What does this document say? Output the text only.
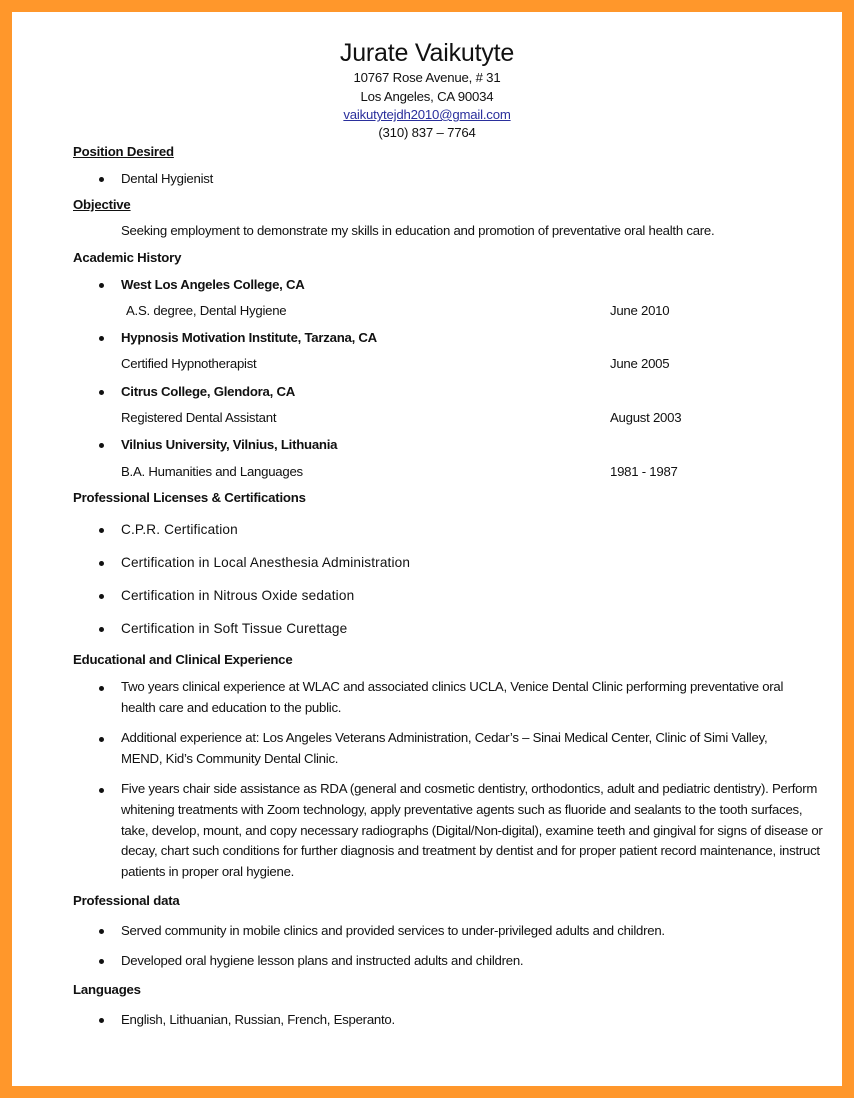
Jurate Vaikutyte
10767 Rose Avenue, # 31
Los Angeles, CA 90034
vaikutytejdh2010@gmail.com
(310) 837 – 7764
Position Desired
Dental Hygienist
Objective
Seeking employment to demonstrate my skills in education and promotion of preventative oral health care.
Academic History
West Los Angeles College, CA
A.S. degree, Dental Hygiene	June 2010
Hypnosis Motivation Institute, Tarzana, CA
Certified Hypnotherapist	June 2005
Citrus College, Glendora, CA
Registered Dental Assistant	August 2003
Vilnius University, Vilnius, Lithuania
B.A. Humanities and Languages	1981 - 1987
Professional Licenses & Certifications
C.P.R. Certification
Certification in Local Anesthesia Administration
Certification in Nitrous Oxide sedation
Certification in Soft Tissue Curettage
Educational and Clinical Experience
Two years clinical experience at WLAC and associated clinics UCLA, Venice Dental Clinic performing preventative oral health care and education to the public.
Additional experience at: Los Angeles Veterans Administration, Cedar’s – Sinai Medical Center, Clinic of Simi Valley, MEND, Kid’s Community Dental Clinic.
Five years chair side assistance as RDA (general and cosmetic dentistry, orthodontics, adult and pediatric dentistry). Perform whitening treatments with Zoom technology, apply preventative agents such as fluoride and sealants to the tooth surfaces, take, develop, mount, and copy necessary radiographs (Digital/Non-digital), examine teeth and gingival for signs of disease or decay, chart such conditions for further diagnosis and treatment by dentist and for proper patient record maintenance, instruct patients in proper oral hygiene.
Professional data
Served community in mobile clinics and provided services to under-privileged adults and children.
Developed oral hygiene lesson plans and instructed adults and children.
Languages
English, Lithuanian, Russian, French, Esperanto.
